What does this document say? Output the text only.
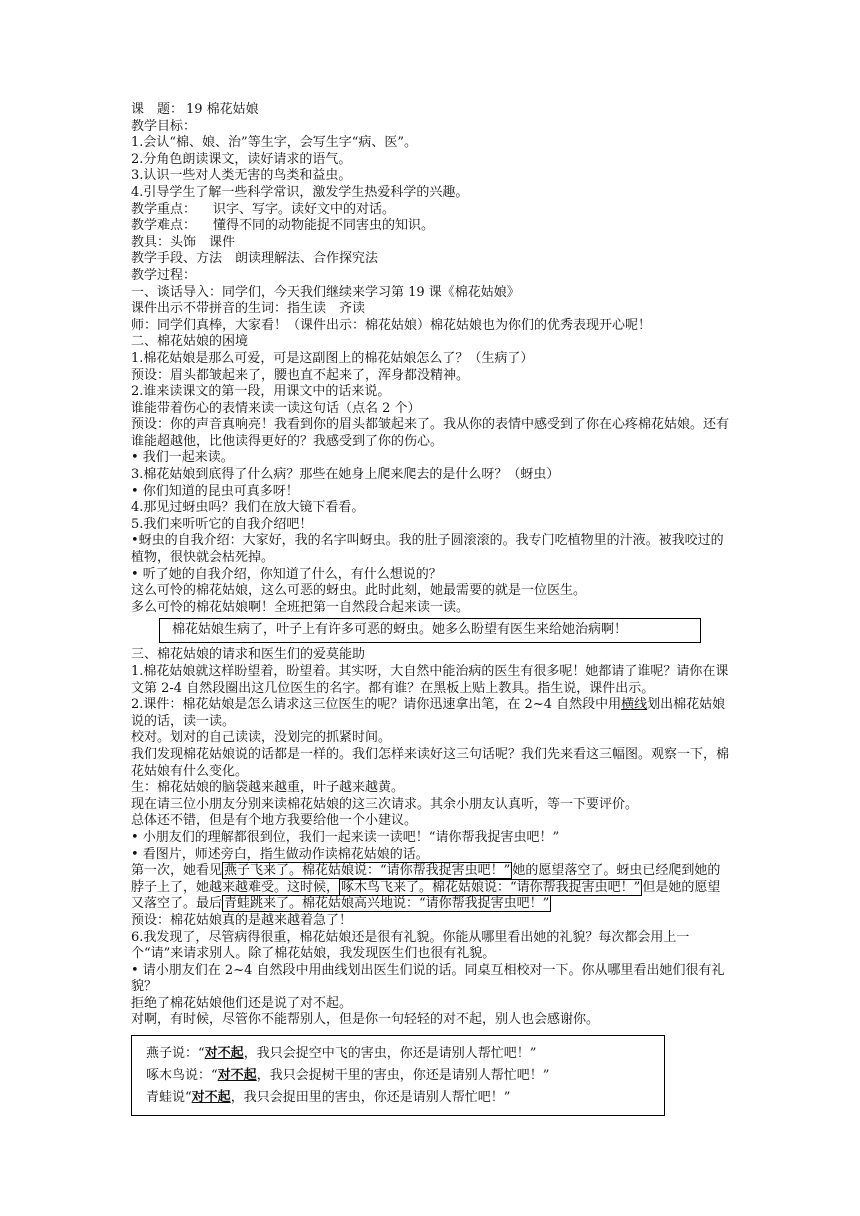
课　题： 19 棉花姑娘

教学目标：

1.会认“棉、娘、治”等生字，会写生字“病、医”。

2.分角色朗读课文，读好请求的语气。

3.认识一些对人类无害的鸟类和益虫。

4.引导学生了解一些科学常识，激发学生热爱科学的兴趣。

教学重点： 识字、写字。读好文中的对话。

教学难点： 懂得不同的动物能捉不同害虫的知识。

教具：头饰　课件

教学手段、方法　朗读理解法、合作探究法

教学过程：

一、谈话导入：同学们，今天我们继续来学习第 19 课《棉花姑娘》

课件出示不带拼音的生词：指生读　齐读

师：同学们真棒，大家看！（课件出示：棉花姑娘）棉花姑娘也为你们的优秀表现开心呢！

二、棉花姑娘的困境

1.棉花姑娘是那么可爱，可是这副图上的棉花姑娘怎么了？（生病了）

预设：眉头都皱起来了，腰也直不起来了，浑身都没精神。

2.谁来读课文的第一段，用课文中的话来说。

谁能带着伤心的表情来读一读这句话（点名 2 个）

预设：你的声音真响亮！我看到你的眉头都皱起来了。我从你的表情中感受到了你在心疼棉花姑娘。还有谁能超越他，比他读得更好的？我感受到了你的伤心。

• 我们一起来读。

3.棉花姑娘到底得了什么病？那些在她身上爬来爬去的是什么呀？（蚜虫）

• 你们知道的昆虫可真多呀！

4.那见过蚜虫吗？我们在放大镜下看看。

5.我们来听听它的自我介绍吧！

•蚜虫的自我介绍：大家好，我的名字叫蚜虫。我的肚子圆滚滚的。我专门吃植物里的汁液。被我咬过的植物，很快就会枯死掉。

• 听了她的自我介绍，你知道了什么，有什么想说的？

这么可怜的棉花姑娘，这么可恶的蚜虫。此时此刻，她最需要的就是一位医生。

多么可怜的棉花姑娘啊！全班把第一自然段合起来读一读。

棉花姑娘生病了，叶子上有许多可恶的蚜虫。她多么盼望有医生来给她治病啊！

三、棉花姑娘的请求和医生们的爱莫能助

1.棉花姑娘就这样盼望着，盼望着。其实呀，大自然中能治病的医生有很多呢！她都请了谁呢？请你在课文第 2-4 自然段圈出这几位医生的名字。都有谁？在黑板上贴上教具。指生说，课件出示。

2.课件：棉花姑娘是怎么请求这三位医生的呢？请你迅速拿出笔，在 2~4 自然段中用横线划出棉花姑娘说的话，读一读。

校对。划对的自己读读，没划完的抓紧时间。

我们发现棉花姑娘说的话都是一样的。我们怎样来读好这三句话呢？我们先来看这三幅图。观察一下，棉花姑娘有什么变化。

生：棉花姑娘的脑袋越来越重，叶子越来越黄。

现在请三位小朋友分别来读棉花姑娘的这三次请求。其余小朋友认真听，等一下要评价。

总体还不错，但是有个地方我要给他一个小建议。

• 小朋友们的理解都很到位，我们一起来读一读吧！“请你帮我捉害虫吧！”

• 看图片，师述旁白，指生做动作读棉花姑娘的话。

第一次，她看见 燕子飞来了。棉花姑娘说：“请你帮我捉害虫吧！” 她的愿望落空了。蚜虫已经爬到她的脖子上了，她越来越难受。这时候， 啄木鸟飞来了。棉花姑娘说：“请你帮我捉害虫吧！” 但是她的愿望又落空了。最后 青蛙跳来了。棉花姑娘高兴地说：“请你帮我捉害虫吧！”

预设：棉花姑娘真的是越来越着急了！

6.我发现了，尽管病得很重，棉花姑娘还是很有礼貌。你能从哪里看出她的礼貌？每次都会用上一个“请”来请求别人。除了棉花姑娘，我发现医生们也很有礼貌。

• 请小朋友们在 2~4 自然段中用曲线划出医生们说的话。同桌互相校对一下。你从哪里看出她们很有礼貌？

拒绝了棉花姑娘他们还是说了对不起。

对啊，有时候，尽管你不能帮别人，但是你一句轻轻的对不起，别人也会感谢你。

燕子说：“对不起，我只会捉空中飞的害虫，你还是请别人帮忙吧！”
啄木鸟说：“对不起，我只会捉树干里的害虫，你还是请别人帮忙吧！”
青蛙说“对不起，我只会捉田里的害虫，你还是请别人帮忙吧！”
